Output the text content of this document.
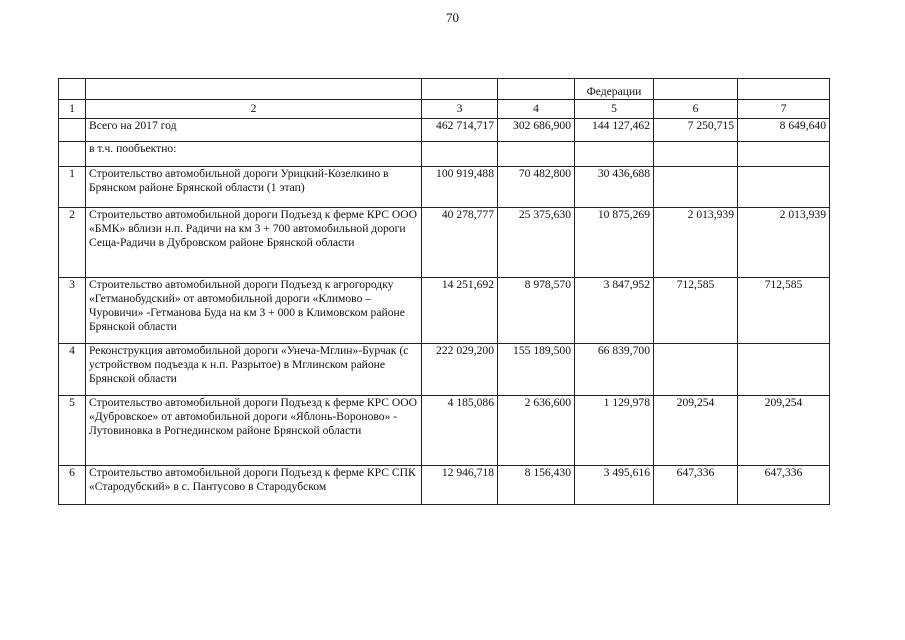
70
				Федерации		
1	2	3	4	5	6	7
	Всего на 2017 год	462 714,717	302 686,900	144 127,462	7 250,715	8 649,640
	в т.ч. пообъектно:					
1	Строительство автомобильной дороги Урицкий-Козелкино в Брянском районе Брянской области (1 этап)	100 919,488	70 482,800	30 436,688		
2	Строительство автомобильной дороги Подъезд к ферме КРС ООО «БМК» вблизи н.п. Радичи на км 3 + 700 автомобильной дороги Сеща-Радичи в Дубровском районе Брянской области	40 278,777	25 375,630	10 875,269	2 013,939	2 013,939
3	Строительство автомобильной дороги Подъезд к агрогородку «Гетманобудский» от автомобильной дороги «Климово – Чуровичи» -Гетманова Буда на км 3 + 000 в Климовском районе Брянской области	14 251,692	8 978,570	3 847,952	712,585	712,585
4	Реконструкция автомобильной дороги «Унеча-Мглин»-Бурчак (с устройством подъезда к н.п. Разрытое) в Мглинском районе Брянской области	222 029,200	155 189,500	66 839,700		
5	Строительство автомобильной дороги Подъезд к ферме КРС ООО «Дубровское» от автомобильной дороги «Яблонь-Вороново» - Лутовиновка в Рогнединском районе Брянской области	4 185,086	2 636,600	1 129,978	209,254	209,254
6	Строительство автомобильной дороги Подъезд к ферме КРС СПК «Стародубский» в с. Пантусово в Стародубском	12 946,718	8 156,430	3 495,616	647,336	647,336
